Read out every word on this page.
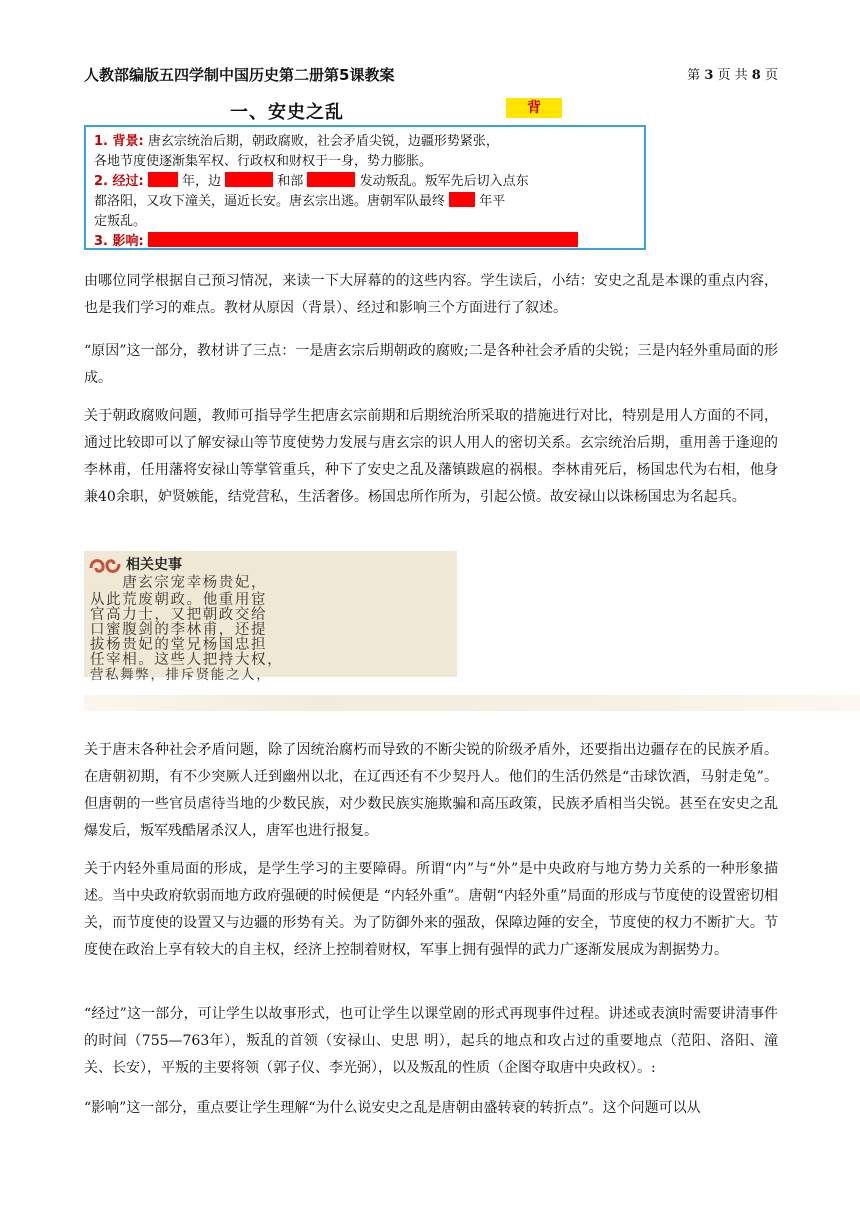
人教部编版五四学制中国历史第二册第5课教案	第 3 页 共 8 页
一、安史之乱	背
1. 背景: 唐玄宗统治后期，朝政腐败，社会矛盾尖锐，边疆形势紧张，
各地节度使逐渐集军权、行政权和财权于一身，势力膨胀。
2. 经过:	年，边	和部	发动叛乱。叛军先后切入点东
都洛阳，又攻下潼关，逼近长安。唐玄宗出逃。唐朝军队最终	年平
定叛乱。
3. 影响:

由哪位同学根据自己预习情况，来读一下大屏幕的的这些内容。学生读后，小结：安史之乱是本课的重点内容，也是我们学习的难点。教材从原因（背景）、经过和影响三个方面进行了叙述。

“原因”这一部分，教材讲了三点：一是唐玄宗后期朝政的腐败;二是各种社会矛盾的尖锐；三是内轻外重局面的形成。

关于朝政腐败问题，教师可指导学生把唐玄宗前期和后期统治所采取的措施进行对比，特别是用人方面的不同，通过比较即可以了解安禄山等节度使势力发展与唐玄宗的识人用人的密切关系。玄宗统治后期，重用善于逢迎的李林甫，任用藩将安禄山等掌管重兵，种下了安史之乱及藩镇跋扈的祸根。李林甫死后，杨国忠代为右相，他身兼40余职，妒贤嫉能，结党营私，生活奢侈。杨国忠所作所为，引起公愤。故安禄山以诛杨国忠为名起兵。

相关史事
　　唐玄宗宠幸杨贵妃，
从此荒废朝政。他重用宦
官高力士，又把朝政交给
口蜜腹剑的李林甫，还提
拔杨贵妃的堂兄杨国忠担
任宰相。这些人把持大权，
营私舞弊，排斥贤能之人，

关于唐末各种社会矛盾问题，除了因统治腐朽而导致的不断尖锐的阶级矛盾外，还要指出边疆存在的民族矛盾。在唐朝初期，有不少突厥人迁到幽州以北，在辽西还有不少契丹人。他们的生活仍然是“击球饮酒，马射走兔”。但唐朝的一些官员虐待当地的少数民族，对少数民族实施欺骗和高压政策，民族矛盾相当尖锐。甚至在安史之乱爆发后，叛军残酷屠杀汉人，唐军也进行报复。

关于内轻外重局面的形成，是学生学习的主要障碍。所谓“内”与“外”是中央政府与地方势力关系的一种形象描述。当中央政府软弱而地方政府强硬的时候便是 “内轻外重”。唐朝“内轻外重”局面的形成与节度使的设置密切相关，而节度使的设置又与边疆的形势有关。为了防御外来的强敌，保障边陲的安全，节度使的权力不断扩大。节度使在政治上享有较大的自主权，经济上控制着财权，军事上拥有强悍的武力广逐渐发展成为割据势力。

“经过”这一部分，可让学生以故事形式，也可让学生以课堂剧的形式再现事件过程。讲述或表演时需要讲清事件的时间（755—763年），叛乱的首领（安禄山、史思 明），起兵的地点和攻占过的重要地点（范阳、洛阳、潼关、长安），平叛的主要将领（郭子仪、李光弼），以及叛乱的性质（企图夺取唐中央政权）。:

“影响”这一部分，重点要让学生理解“为什么说安史之乱是唐朝由盛转衰的转折点”。这个问题可以从
